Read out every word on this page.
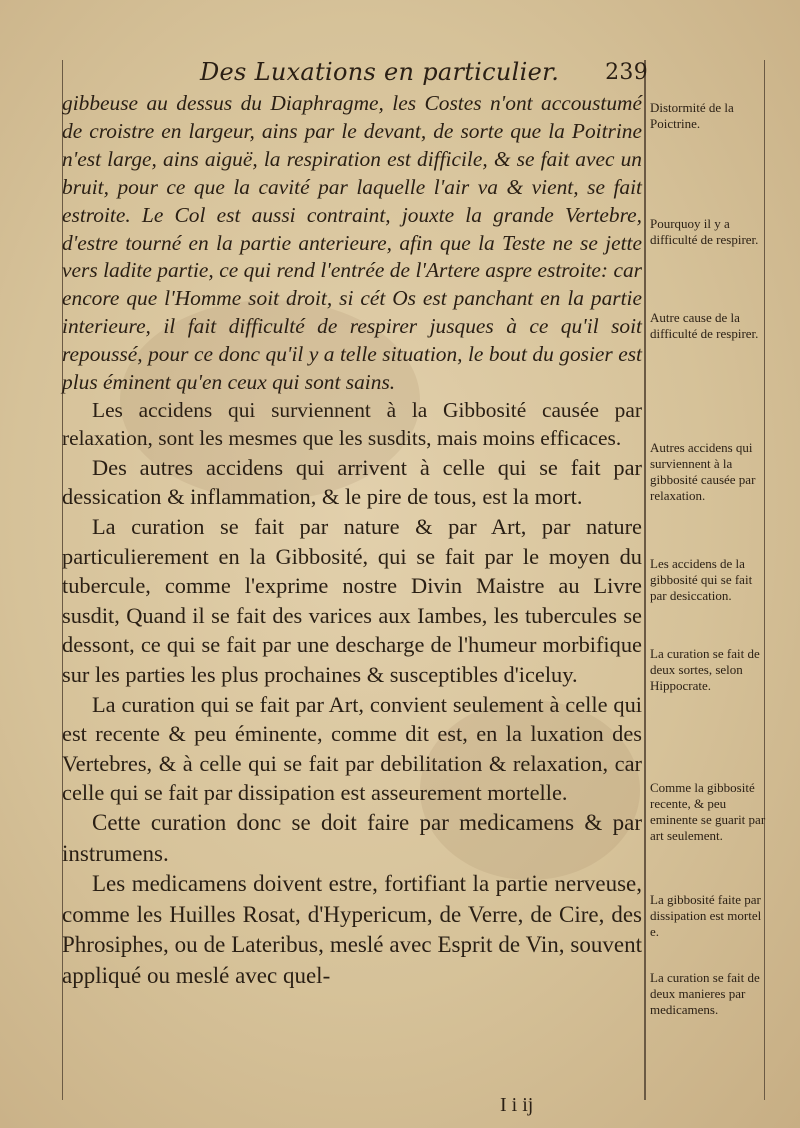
Des Luxations en particulier. 239

gibbeuse au dessus du Diaphragme, les Costes n'ont accoustumé de croistre en largeur, ains par le devant, de sorte que la Poitrine n'est large, ains aiguë, la respiration est difficile, & se fait avec un bruit, pour ce que la cavité par laquelle l'air va & vient, se fait estroite. Le Col est aussi contraint, jouxte la grande Vertebre, d'estre tourné en la partie anterieure, afin que la Teste ne se jette vers ladite partie, ce qui rend l'entrée de l'Artere aspre estroite: car encore que l'Homme soit droit, si cét Os est panchant en la partie interieure, il fait difficulté de respirer jusques à ce qu'il soit repoussé, pour ce donc qu'il y a telle situation, le bout du gosier est plus éminent qu'en ceux qui sont sains.

Les accidens qui surviennent à la Gibbosité causée par relaxation, sont les mesmes que les susdits, mais moins efficaces.

Des autres accidens qui arrivent à celle qui se fait par dessication & inflammation, & le pire de tous, est la mort.

La curation se fait par nature & par Art, par nature particulierement en la Gibbosité, qui se fait par le moyen du tubercule, comme l'exprime nostre Divin Maistre au Livre susdit, Quand il se fait des varices aux Iambes, les tubercules se dessont, ce qui se fait par une descharge de l'humeur morbifique sur les parties les plus prochaines & susceptibles d'iceluy.

La curation qui se fait par Art, convient seulement à celle qui est recente & peu éminente, comme dit est, en la luxation des Vertebres, & à celle qui se fait par debilitation & relaxation, car celle qui se fait par dissipation est asseurement mortelle.

Cette curation donc se doit faire par medicamens & par instrumens.

Les medicamens doivent estre, fortifiant la partie nerveuse, comme les Huilles Rosat, d'Hypericum, de Verre, de Cire, des Phrosiphes, ou de Lateribus, meslé avec Esprit de Vin, souvent appliqué ou meslé avec quel-

Distormité de la Poictrine.

Pourquoy il y a difficulté de respirer.

Autre cause de la difficulté de respirer.

Autres accidens qui surviennent à la gibbosité causée par relaxation.

Les accidens de la gibbosité qui se fait par desiccation.

La curation se fait de deux sortes, selon Hippocrate.

Comme la gibbosité recente, & peu eminente se guarit par art seulement.

La gibbosité faite par dissipation est mortel e.

La curation se fait de deux manieres par medicamens.

I i ij
